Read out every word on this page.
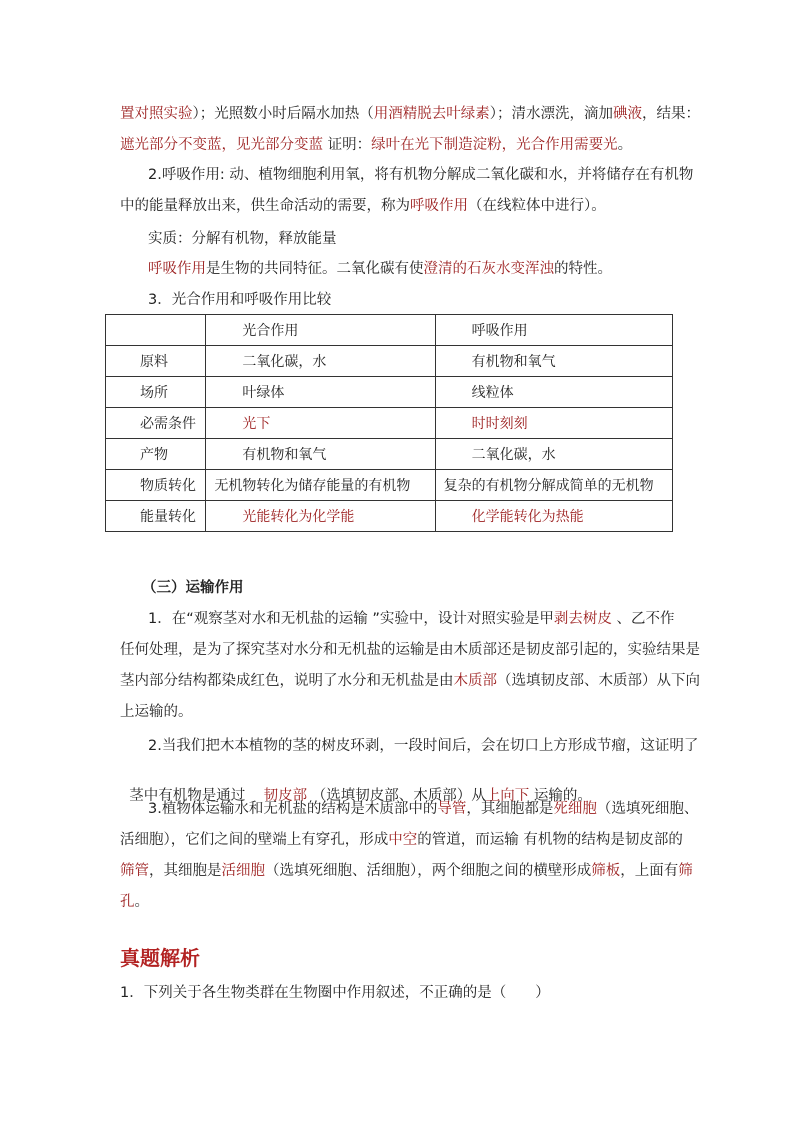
置对照实验）；光照数小时后隔水加热（用酒精脱去叶绿素）；清水漂洗，滴加碘液，结果：
遮光部分不变蓝，见光部分变蓝 证明：绿叶在光下制造淀粉，光合作用需要光。
2.呼吸作用: 动、植物细胞利用氧，将有机物分解成二氧化碳和水，并将储存在有机物
中的能量释放出来，供生命活动的需要，称为呼吸作用（在线粒体中进行）。
实质：分解有机物，释放能量
呼吸作用是生物的共同特征。二氧化碳有使澄清的石灰水变浑浊的特性。
3．光合作用和呼吸作用比较

	光合作用	呼吸作用

原料	二氧化碳，水	有机物和氧气

场所	叶绿体	线粒体

必需条件	光下	时时刻刻

产物	有机物和氧气	二氧化碳，水

物质转化	无机物转化为储存能量的有机物	复杂的有机物分解成简单的无机物

能量转化	光能转化为化学能	化学能转化为热能
（三）运输作用
1．在“观察茎对水和无机盐的运输 ”实验中，设计对照实验是甲剥去树皮 、乙不作
任何处理，是为了探究茎对水分和无机盐的运输是由木质部还是韧皮部引起的，实验结果是
茎内部分结构都染成红色，说明了水分和无机盐是由木质部（选填韧皮部、木质部）从下向
上运输的。
2.当我们把木本植物的茎的树皮环剥，一段时间后，会在切口上方形成节瘤，这证明了

茎中有机物是通过    韧皮部 （选填韧皮部、木质部）从上向下 运输的。

3.植物体运输水和无机盐的结构是木质部中的导管，其细胞都是死细胞（选填死细胞、
活细胞），它们之间的壁端上有穿孔，形成中空的管道，而运输 有机物的结构是韧皮部的
筛管，其细胞是活细胞（选填死细胞、活细胞），两个细胞之间的横壁形成筛板，上面有筛
孔。
真题解析
1．下列关于各生物类群在生物圈中作用叙述，不正确的是（　　）
